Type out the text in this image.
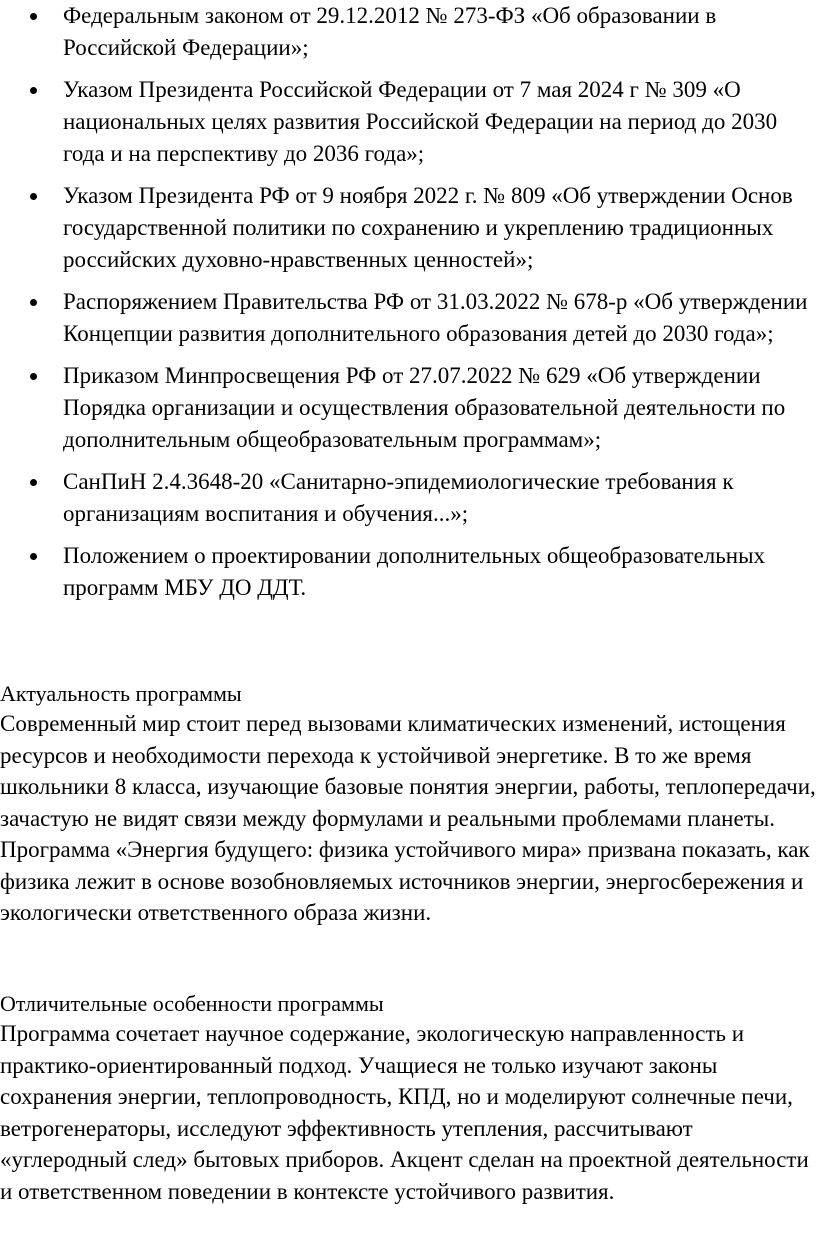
Федеральным законом от 29.12.2012 № 273-ФЗ «Об образовании в Российской Федерации»;
Указом Президента Российской Федерации от 7 мая 2024 г № 309 «О национальных целях развития Российской Федерации на период до 2030 года и на перспективу до 2036 года»;
Указом Президента РФ от 9 ноября 2022 г. № 809 «Об утверждении Основ государственной политики по сохранению и укреплению традиционных российских духовно-нравственных ценностей»;
Распоряжением Правительства РФ от 31.03.2022 № 678-р «Об утверждении Концепции развития дополнительного образования детей до 2030 года»;
Приказом Минпросвещения РФ от 27.07.2022 № 629 «Об утверждении Порядка организации и осуществления образовательной деятельности по дополнительным общеобразовательным программам»;
СанПиН 2.4.3648-20 «Санитарно-эпидемиологические требования к организациям воспитания и обучения...»;
Положением о проектировании дополнительных общеобразовательных программ МБУ ДО ДДТ.

Актуальность программы

Современный мир стоит перед вызовами климатических изменений, истощения ресурсов и необходимости перехода к устойчивой энергетике. В то же время школьники 8 класса, изучающие базовые понятия энергии, работы, теплопередачи, зачастую не видят связи между формулами и реальными проблемами планеты. Программа «Энергия будущего: физика устойчивого мира» призвана показать, как физика лежит в основе возобновляемых источников энергии, энергосбережения и экологически ответственного образа жизни.

Отличительные особенности программы

Программа сочетает научное содержание, экологическую направленность и практико-ориентированный подход. Учащиеся не только изучают законы сохранения энергии, теплопроводность, КПД, но и моделируют солнечные печи, ветрогенераторы, исследуют эффективность утепления, рассчитывают «углеродный след» бытовых приборов. Акцент сделан на проектной деятельности и ответственном поведении в контексте устойчивого развития.
